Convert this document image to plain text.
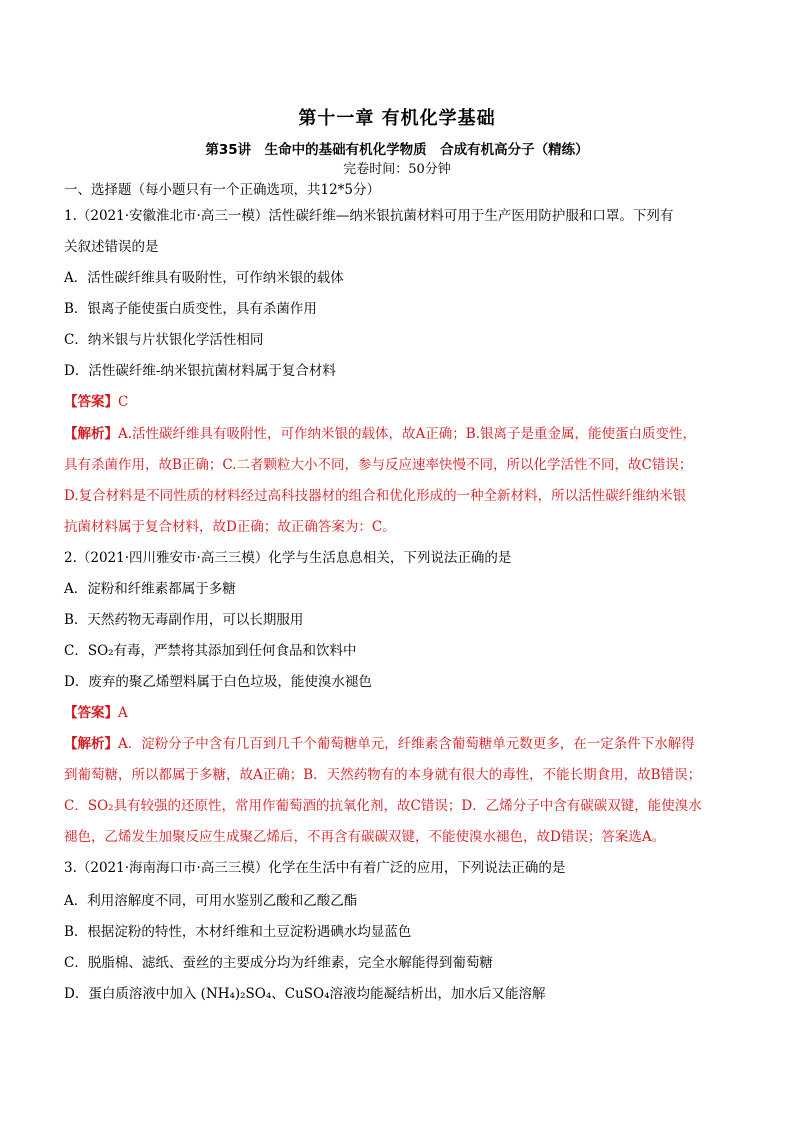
第十一章 有机化学基础
第35讲　生命中的基础有机化学物质　合成有机高分子（精练）
完卷时间：50分钟
一、选择题（每小题只有一个正确选项，共12*5分）
1.（2021·安徽淮北市·高三一模）活性碳纤维—纳米银抗菌材料可用于生产医用防护服和口罩。下列有
关叙述错误的是
A．活性碳纤维具有吸附性，可作纳米银的载体
B．银离子能使蛋白质变性，具有杀菌作用
C．纳米银与片状银化学活性相同
D．活性碳纤维-纳米银抗菌材料属于复合材料
【答案】C
【解析】A.活性碳纤维具有吸附性，可作纳米银的载体，故A正确；B.银离子是重金属，能使蛋白质变性，
具有杀菌作用，故B正确；C.二者颗粒大小不同，参与反应速率快慢不同，所以化学活性不同，故C错误；
D.复合材料是不同性质的材料经过高科技器材的组合和优化形成的一种全新材料，所以活性碳纤维纳米银
抗菌材料属于复合材料，故D正确；故正确答案为：C。
2.（2021·四川雅安市·高三三模）化学与生活息息相关，下列说法正确的是
A．淀粉和纤维素都属于多糖
B．天然药物无毒副作用，可以长期服用
C．SO₂有毒，严禁将其添加到任何食品和饮料中
D．废弃的聚乙烯塑料属于白色垃圾，能使溴水褪色
【答案】A
【解析】A．淀粉分子中含有几百到几千个葡萄糖单元，纤维素含葡萄糖单元数更多，在一定条件下水解得
到葡萄糖，所以都属于多糖，故A正确；B．天然药物有的本身就有很大的毒性，不能长期食用，故B错误；
C．SO₂具有较强的还原性，常用作葡萄酒的抗氧化剂，故C错误；D．乙烯分子中含有碳碳双键，能使溴水
褪色，乙烯发生加聚反应生成聚乙烯后，不再含有碳碳双键，不能使溴水褪色，故D错误；答案选A。
3.（2021·海南海口市·高三三模）化学在生活中有着广泛的应用，下列说法正确的是
A．利用溶解度不同，可用水鉴别乙酸和乙酸乙酯
B．根据淀粉的特性，木材纤维和土豆淀粉遇碘水均显蓝色
C．脱脂棉、滤纸、蚕丝的主要成分均为纤维素，完全水解能得到葡萄糖
D．蛋白质溶液中加入 (NH₄)₂SO₄、CuSO₄溶液均能凝结析出，加水后又能溶解
